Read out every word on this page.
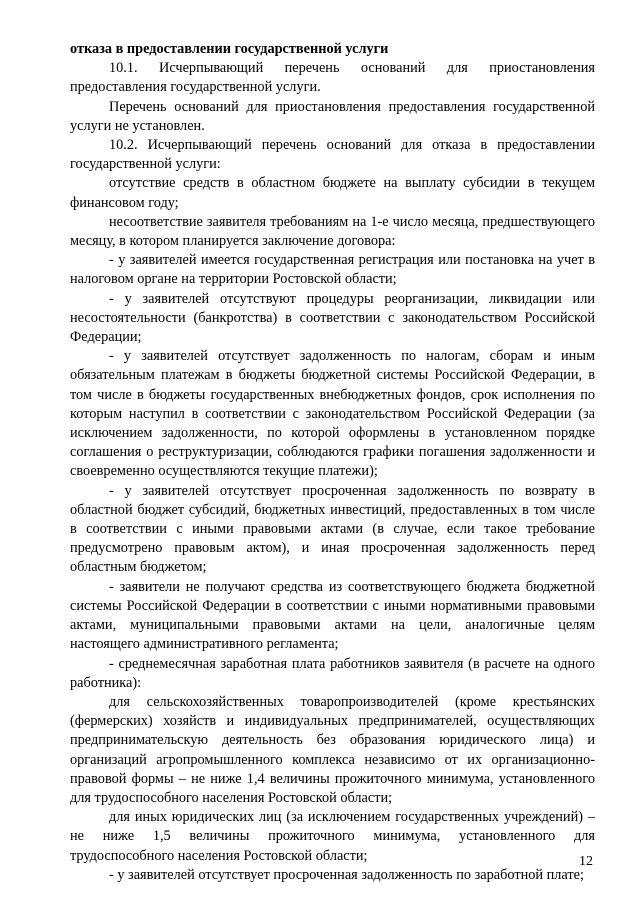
отказа в предоставлении государственной услуги

10.1. Исчерпывающий перечень оснований для приостановления предоставления государственной услуги.

Перечень оснований для приостановления предоставления государственной услуги не установлен.

10.2. Исчерпывающий перечень оснований для отказа в предоставлении государственной услуги:

отсутствие средств в областном бюджете на выплату субсидии в текущем финансовом году;

несоответствие заявителя требованиям на 1-е число месяца, предшествующего месяцу, в котором планируется заключение договора:

- у заявителей имеется государственная регистрация или постановка на учет в налоговом органе на территории Ростовской области;

- у заявителей отсутствуют процедуры реорганизации, ликвидации или несостоятельности (банкротства) в соответствии с законодательством Российской Федерации;

- у заявителей отсутствует задолженность по налогам, сборам и иным обязательным платежам в бюджеты бюджетной системы Российской Федерации, в том числе в бюджеты государственных внебюджетных фондов, срок исполнения по которым наступил в соответствии с законодательством Российской Федерации (за исключением задолженности, по которой оформлены в установленном порядке соглашения о реструктуризации, соблюдаются графики погашения задолженности и своевременно осуществляются текущие платежи);

- у заявителей отсутствует просроченная задолженность по возврату в областной бюджет субсидий, бюджетных инвестиций, предоставленных в том числе в соответствии с иными правовыми актами (в случае, если такое требование предусмотрено правовым актом), и иная просроченная задолженность перед областным бюджетом;

- заявители не получают средства из соответствующего бюджета бюджетной системы Российской Федерации в соответствии с иными нормативными правовыми актами, муниципальными правовыми актами на цели, аналогичные целям настоящего административного регламента;

- среднемесячная заработная плата работников заявителя (в расчете на одного работника):

для сельскохозяйственных товаропроизводителей (кроме крестьянских (фермерских) хозяйств и индивидуальных предпринимателей, осуществляющих предпринимательскую деятельность без образования юридического лица) и организаций агропромышленного комплекса независимо от их организационно-правовой формы – не ниже 1,4 величины прожиточного минимума, установленного для трудоспособного населения Ростовской области;

для иных юридических лиц (за исключением государственных учреждений) – не ниже 1,5 величины прожиточного минимума, установленного для трудоспособного населения Ростовской области;

- у заявителей отсутствует просроченная задолженность по заработной плате;

12
